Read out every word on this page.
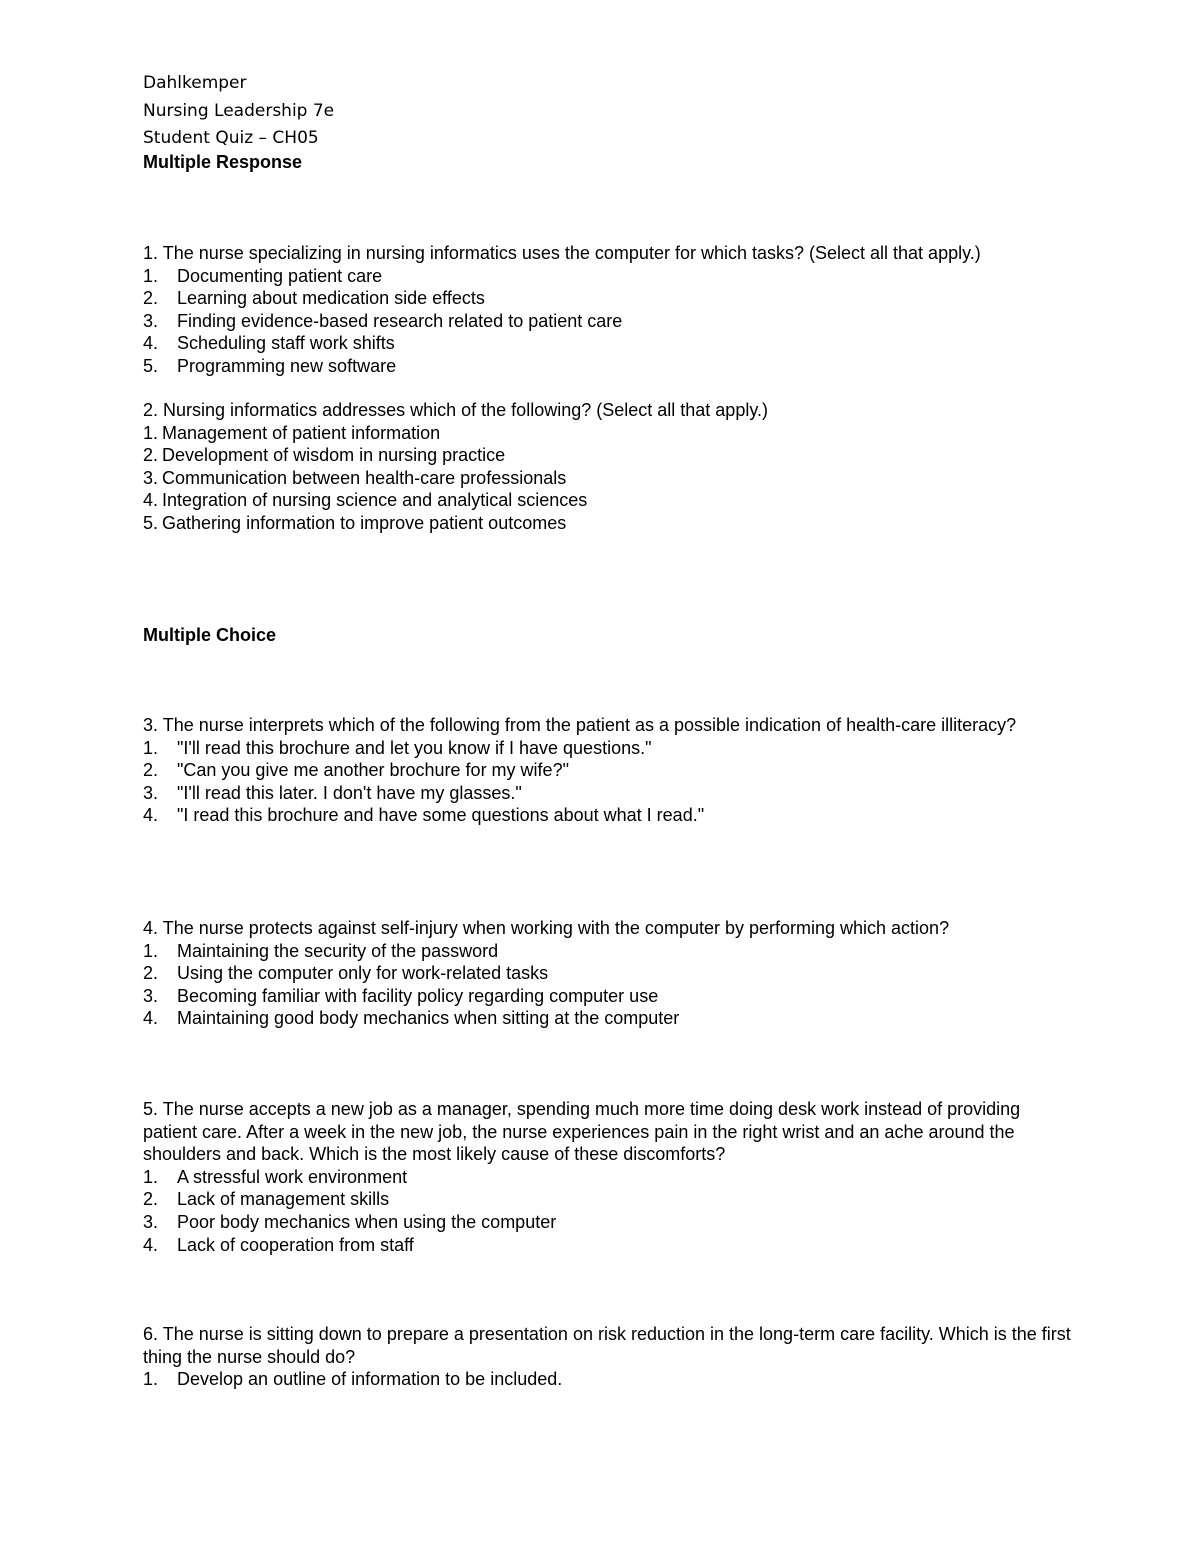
Dahlkemper
Nursing Leadership 7e
Student Quiz – CH05
Multiple Response

1. The nurse specializing in nursing informatics uses the computer for which tasks? (Select all that apply.)

1. Documenting patient care
2. Learning about medication side effects
3. Finding evidence-based research related to patient care
4. Scheduling staff work shifts
5. Programming new software

2. Nursing informatics addresses which of the following? (Select all that apply.)

1. Management of patient information
2. Development of wisdom in nursing practice
3. Communication between health-care professionals
4. Integration of nursing science and analytical sciences
5. Gathering information to improve patient outcomes
Multiple Choice

3. The nurse interprets which of the following from the patient as a possible indication of health-care illiteracy?

1. "I'll read this brochure and let you know if I have questions."
2. "Can you give me another brochure for my wife?"
3. "I'll read this later. I don't have my glasses."
4. "I read this brochure and have some questions about what I read."

4. The nurse protects against self-injury when working with the computer by performing which action?

1. Maintaining the security of the password
2. Using the computer only for work-related tasks
3. Becoming familiar with facility policy regarding computer use
4. Maintaining good body mechanics when sitting at the computer

5. The nurse accepts a new job as a manager, spending much more time doing desk work instead of providing patient care. After a week in the new job, the nurse experiences pain in the right wrist and an ache around the shoulders and back. Which is the most likely cause of these discomforts?

1. A stressful work environment
2. Lack of management skills
3. Poor body mechanics when using the computer
4. Lack of cooperation from staff

6. The nurse is sitting down to prepare a presentation on risk reduction in the long-term care facility. Which is the first thing the nurse should do?

1. Develop an outline of information to be included.
